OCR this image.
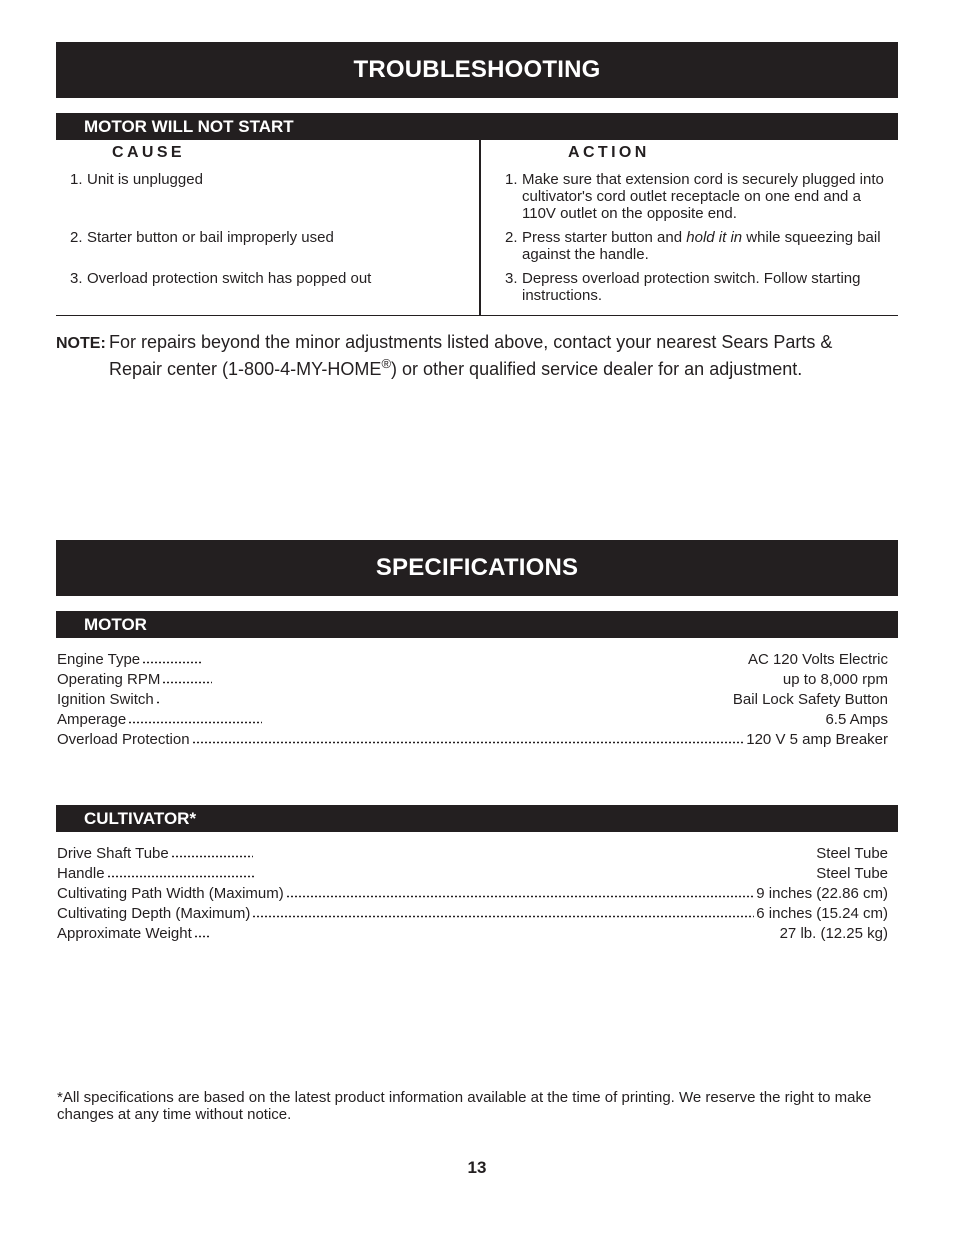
TROUBLESHOOTING
MOTOR WILL NOT START
CAUSE	ACTION
1. Unit is unplugged	1. Make sure that extension cord is securely plugged into cultivator's cord outlet receptacle on one end and a 110V outlet on the opposite end.
2. Starter button or bail improperly used	2. Press starter button and hold it in while squeezing bail against the handle.
3. Overload protection switch has popped out	3. Depress overload protection switch. Follow starting instructions.
NOTE: For repairs beyond the minor adjustments listed above, contact your nearest Sears Parts &
Repair center (1-800-4-MY-HOME®) or other qualified service dealer for an adjustment.
SPECIFICATIONS
MOTOR
Engine Type	AC 120 Volts Electric
Operating RPM	up to 8,000 rpm
Ignition Switch	Bail Lock Safety Button
Amperage	6.5 Amps
Overload Protection	120 V 5 amp Breaker
CULTIVATOR*
Drive Shaft Tube	Steel Tube
Handle	Steel Tube
Cultivating Path Width (Maximum)	9 inches (22.86 cm)
Cultivating Depth (Maximum)	6 inches (15.24 cm)
Approximate Weight	27 lb. (12.25 kg)
*All specifications are based on the latest product information available at the time of printing. We reserve the right to make changes at any time without notice.
13
